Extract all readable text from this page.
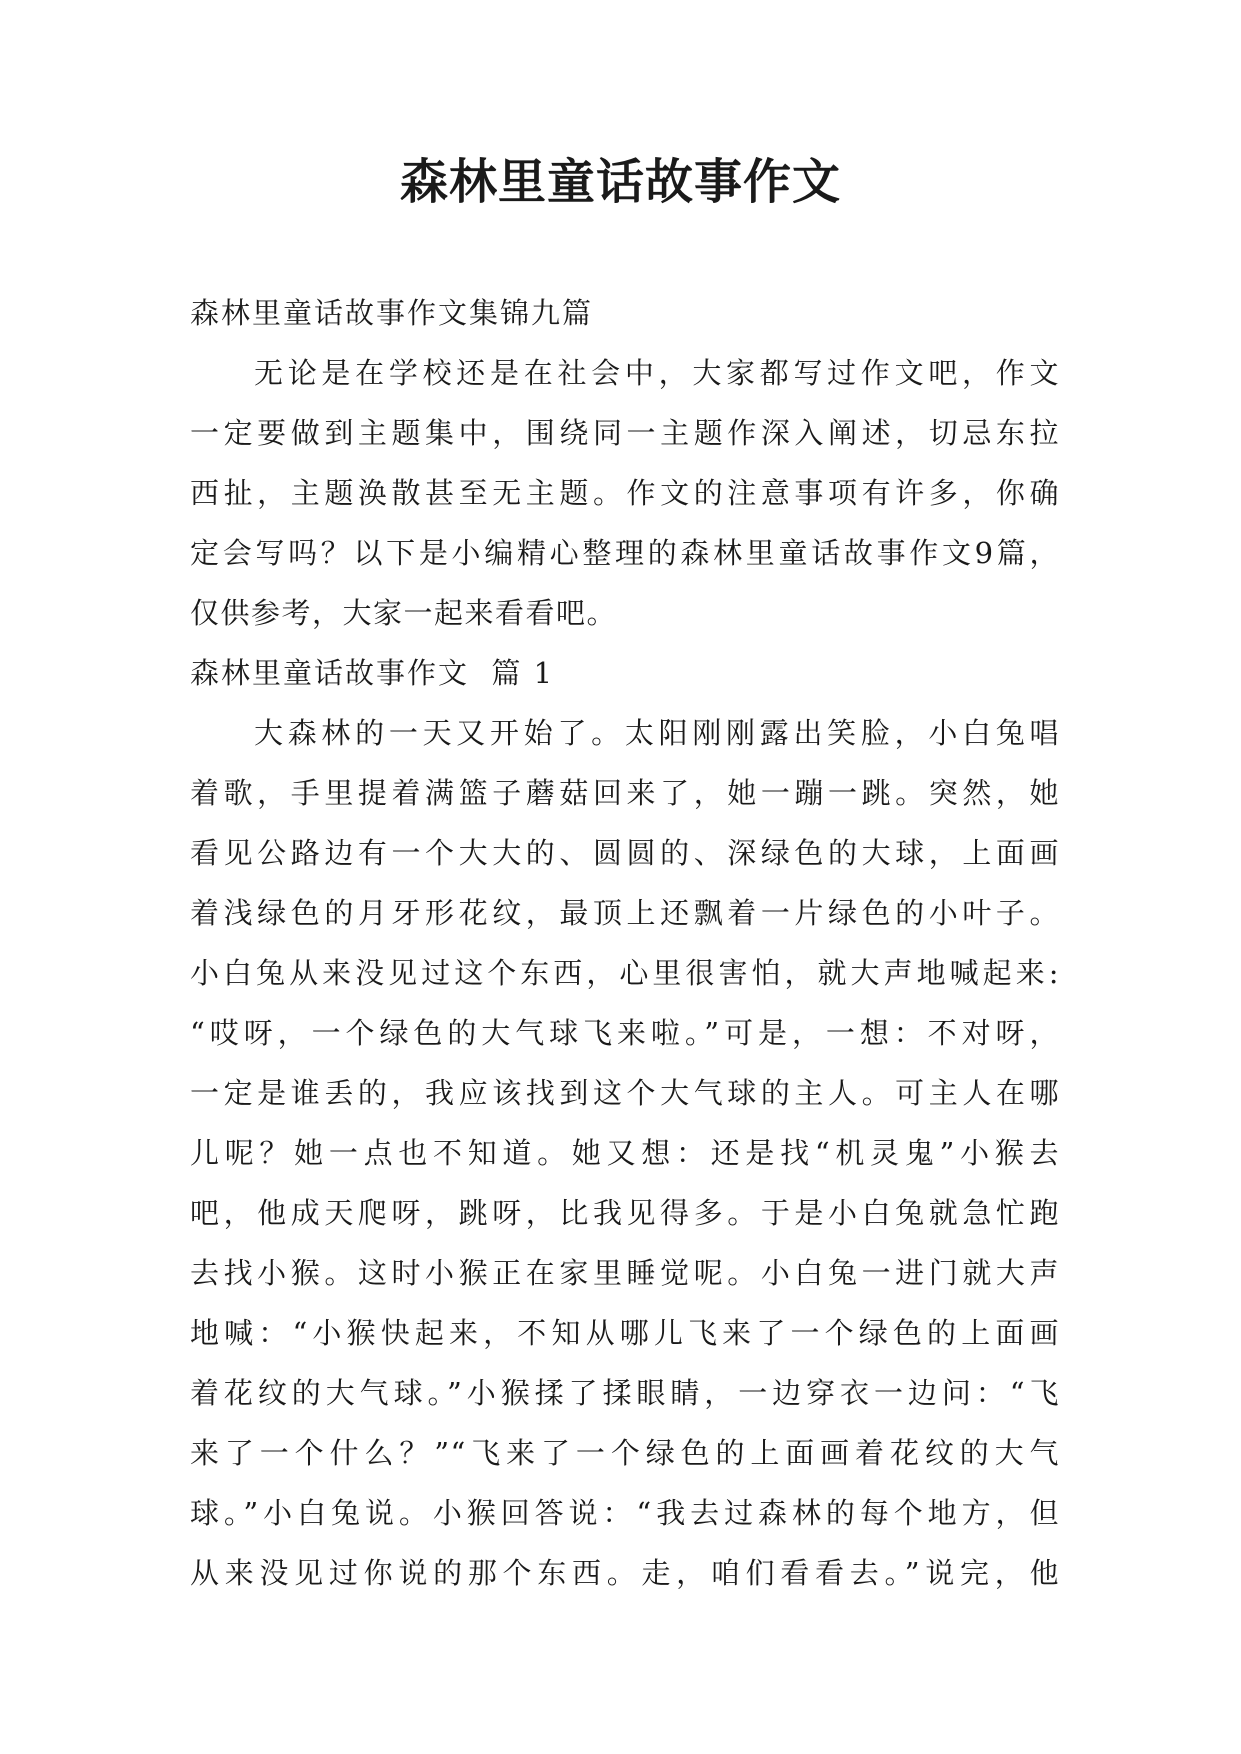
森林里童话故事作文

森林里童话故事作文集锦九篇

无论是在学校还是在社会中，大家都写过作文吧，作文

一定要做到主题集中，围绕同一主题作深入阐述，切忌东拉

西扯，主题涣散甚至无主题。作文的注意事项有许多，你确

定会写吗？以下是小编精心整理的森林里童话故事作文9篇，

仅供参考，大家一起来看看吧。

森林里童话故事作文  篇 1

大森林的一天又开始了。太阳刚刚露出笑脸，小白兔唱

着歌，手里提着满篮子蘑菇回来了，她一蹦一跳。突然，她

看见公路边有一个大大的、圆圆的、深绿色的大球，上面画

着浅绿色的月牙形花纹，最顶上还飘着一片绿色的小叶子。

小白兔从来没见过这个东西，心里很害怕，就大声地喊起来:

“哎呀，一个绿色的大气球飞来啦。”可是，一想：不对呀，

一定是谁丢的，我应该找到这个大气球的主人。可主人在哪

儿呢？她一点也不知道。她又想：还是找“机灵鬼”小猴去

吧，他成天爬呀，跳呀，比我见得多。于是小白兔就急忙跑

去找小猴。这时小猴正在家里睡觉呢。小白兔一进门就大声

地喊：“小猴快起来，不知从哪儿飞来了一个绿色的上面画

着花纹的大气球。”小猴揉了揉眼睛，一边穿衣一边问：“飞

来了一个什么？”“飞来了一个绿色的上面画着花纹的大气

球。”小白兔说。小猴回答说：“我去过森林的每个地方，但

从来没见过你说的那个东西。走，咱们看看去。”说完，他
